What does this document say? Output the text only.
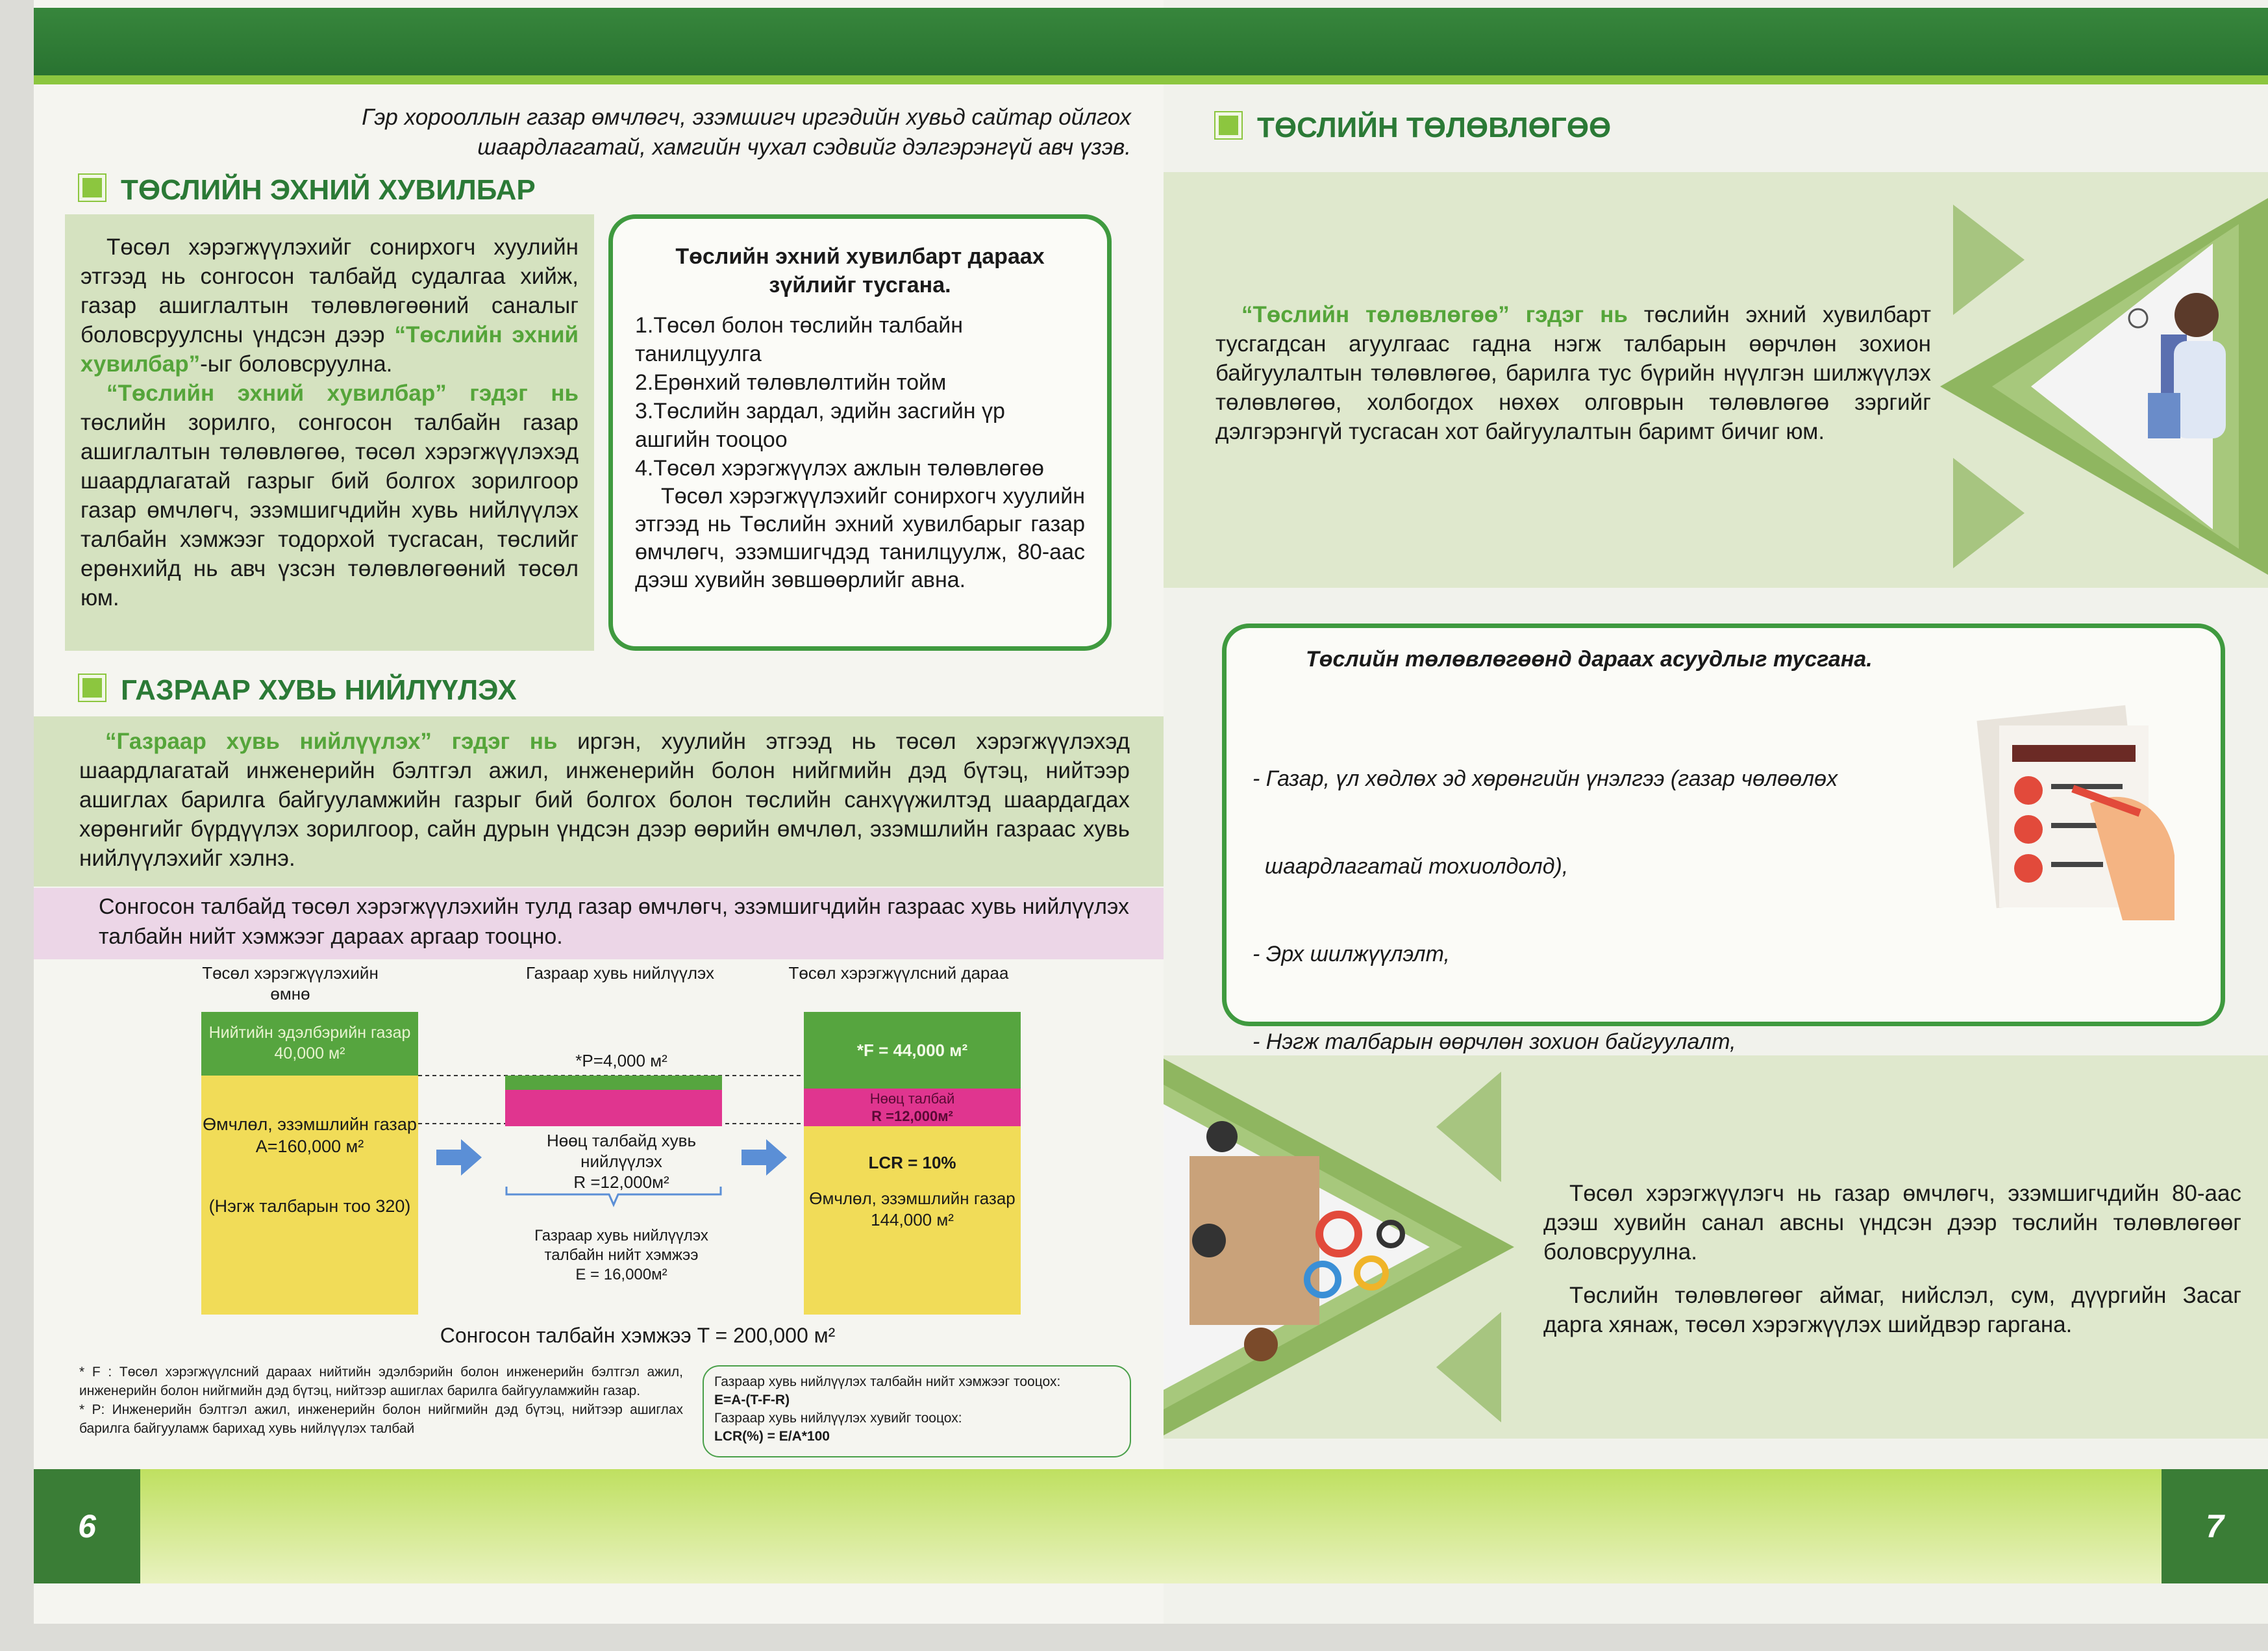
Гэр хорооллын газар өмчлөгч, эзэмшигч иргэдийн хувьд сайтар ойлгох
шаардлагатай, хамгийн чухал сэдвийг дэлгэрэнгүй авч үзэв.
ТӨСЛИЙН ЭХНИЙ ХУВИЛБАР

Төсөл хэрэгжүүлэхийг сонирхогч хуулийн этгээд нь сонгосон талбайд судалгаа хийж, газар ашиглалтын төлөвлөгөөний саналыг боловсруулсны үндсэн дээр “Төслийн эхний хувилбар”-ыг боловсруулна.

“Төслийн эхний хувилбар” гэдэг нь төслийн зорилго, сонгосон талбайн газар ашиглалтын төлөвлөгөө, төсөл хэрэгжүүлэхэд шаардлагатай газрыг бий болгох зорилгоор газар өмчлөгч, эзэмшигчдийн хувь нийлүүлэх талбайн хэмжээг тодорхой тусгасан, төслийг ерөнхийд нь авч үзсэн төлөвлөгөөний төсөл юм.

Төслийн эхний хувилбарт дараах зүйлийг тусгана.
1.Төсөл болон төслийн талбайн танилцуулга
2.Ерөнхий төлөвлөлтийн тойм
3.Төслийн зардал, эдийн засгийн үр ашгийн тооцоо
4.Төсөл хэрэгжүүлэх ажлын төлөвлөгөө
Төсөл хэрэгжүүлэхийг сонирхогч хуулийн этгээд нь Төслийн эхний хувилбарыг газар өмчлөгч, эзэмшигчдэд танилцуулж, 80-аас дээш хувийн зөвшөөрлийг авна.
ГАЗРААР ХУВЬ НИЙЛҮҮЛЭХ

“Газраар хувь нийлүүлэх” гэдэг нь иргэн, хуулийн этгээд нь төсөл хэрэгжүүлэхэд шаардлагатай инженерийн бэлтгэл ажил, инженерийн болон нийгмийн дэд бүтэц, нийтээр ашиглах барилга байгууламжийн газрыг бий болгох болон төслийн санхүүжилтэд шаардагдах хөрөнгийг бүрдүүлэх зорилгоор, сайн дурын үндсэн дээр өөрийн өмчлөл, эзэмшлийн газраас хувь нийлүүлэхийг хэлнэ.

Сонгосон талбайд төсөл хэрэгжүүлэхийн тулд газар өмчлөгч, эзэмшигчдийн газраас хувь нийлүүлэх талбайн нийт хэмжээг дараах аргаар тооцно.
Төсөл хэрэгжүүлэхийн өмнө
Газраар хувь нийлүүлэх	Төсөл хэрэгжүүлсний дараа
Нийтийн эдэлбэрийн газар 40,000 м²
Өмчлөл, эзэмшлийн газар
A=160,000 м²
(Нэгж талбарын тоо 320)
*P=4,000 м²
Нөөц талбайд хувь нийлүүлэх
R =12,000м²
Газраар хувь нийлүүлэх талбайн нийт хэмжээ
E = 16,000м²
*F = 44,000 м²
Нөөц талбай
R =12,000м²
LCR = 10%
Өмчлөл, эзэмшлийн газар
144,000 м²
Сонгосон талбайн хэмжээ T = 200,000 м²
* F : Төсөл хэрэгжүүлсний дараах нийтийн эдэлбэрийн болон инженерийн бэлтгэл ажил, инженерийн болон нийгмийн дэд бүтэц, нийтээр ашиглах барилга байгууламжийн газар.
* P: Инженерийн бэлтгэл ажил, инженерийн болон нийгмийн дэд бүтэц, нийтээр ашиглах барилга байгууламж барихад хувь нийлүүлэх талбай
Газраар хувь нийлүүлэх талбайн нийт хэмжээг тооцох:
E=A-(T-F-R)
Газраар хувь нийлүүлэх хувийг тооцох:
LCR(%) = E/A*100
6
ТӨСЛИЙН ТӨЛӨВЛӨГӨӨ

“Төслийн төлөвлөгөө” гэдэг нь төслийн эхний хувилбарт тусгагдсан агуулгаас гадна нэгж талбарын өөрчлөн зохион байгуулалтын төлөвлөгөө, барилга тус бүрийн нүүлгэн шилжүүлэх төлөвлөгөө, холбогдох нөхөх олговрын төлөвлөгөө зэргийг дэлгэрэнгүй тусгасан хот байгуулалтын баримт бичиг юм.

Төслийн төлөвлөгөөнд дараах асуудлыг тусгана.

- Газар, үл хөдлөх эд хөрөнгийн үнэлгээ (газар чөлөөлөх

шаардлагатай тохиолдолд),

- Эрх шилжүүлэлт,

- Нэгж талбарын өөрчлөн зохион байгуулалт,

Төсөл хэрэгжүүлэгч нь газар өмчлөгч, эзэмшигчдийн 80-аас дээш хувийн санал авсны үндсэн дээр төслийн төлөвлөгөөг боловсруулна.

Төслийн төлөвлөгөөг аймаг, нийслэл, сум, дүүргийн Засаг дарга хянаж, төсөл хэрэгжүүлэх шийдвэр гаргана.

7
